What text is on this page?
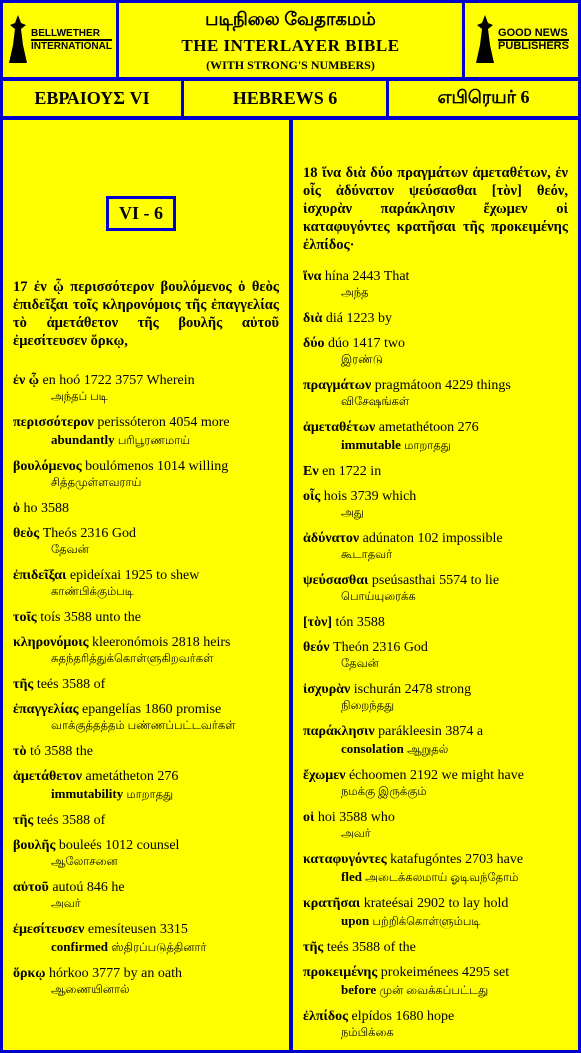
BELLWETHER
INTERNATIONAL
படிநிலை வேதாகமம்
THE INTERLAYER BIBLE
(WITH STRONG'S NUMBERS)
GOOD NEWS
PUBLISHERS
ΕΒΡΑΙΟΥΣ VI	HEBREWS 6	எபிரெயர் 6
VI - 6

17 ἐν ᾧ περισσότερον βουλόμενος ὁ θεὸς ἐπιδεῖξαι τοῖς κληρονόμοις τῆς ἐπαγγελίας τὸ ἀμετάθετον τῆς βουλῆς αὐτοῦ ἐμεσίτευσεν ὅρκῳ,

ἐν ᾧ en hoó 1722 3757 Wherein
அந்தப் படி

περισσότερον perissóteron 4054 more
abundantly பரிபூரணமாய்

βουλόμενος boulómenos 1014 willing
சித்தமுள்ளவராய்

ὁ ho 3588

θεὸς Theós 2316 God
தேவன்

ἐπιδεῖξαι epideíxai 1925 to shew
காண்பிக்கும்படி

τοῖς toís 3588 unto the

κληρονόμοις kleeronómois 2818 heirs
சுதந்தரித்துக்கொள்ளுகிறவர்கள்

τῆς teés 3588 of

ἐπαγγελίας epangelías 1860 promise
வாக்குத்தத்தம் பண்ணப்பட்டவர்கள்

τὸ tó 3588 the

ἀμετάθετον ametátheton 276
immutability மாறாதது

τῆς teés 3588 of

βουλῆς bouleés 1012 counsel
ஆலோசனை

αὐτοῦ autoú 846 he
அவர்

ἐμεσίτευσεν emesíteusen 3315
confirmed ஸ்திரப்படுத்தினார்

ὅρκῳ hórkoo 3777 by an oath
ஆணையினால்

18 ἵνα διὰ δύο πραγμάτων ἀμεταθέτων, ἐν οἷς ἀδύνατον ψεύσασθαι [τὸν] θεόν, ἰσχυρὰν παράκλησιν ἔχωμεν οἱ καταφυγόντες κρατῆσαι τῆς προκειμένης ἐλπίδος·

ἵνα hína 2443 That
அந்த

διὰ diá 1223 by

δύο dúo 1417 two
இரண்டு

πραγμάτων pragmátoon 4229 things
விசேஷங்கள்

ἀμεταθέτων ametathétoon 276
immutable மாறாதது

Εν en 1722 in

οἷς hois 3739 which
அது

ἀδύνατον adúnaton 102 impossible
கூடாதவர்

ψεύσασθαι pseúsasthai 5574 to lie
பொய்யுரைக்க

[τὸν] tón 3588

θεόν Theón 2316 God
தேவன்

ἰσχυρὰν ischurán 2478 strong
நிறைந்தது

παράκλησιν parákleesin 3874 a
consolation ஆறுதல்

ἔχωμεν échoomen 2192 we might have
நமக்கு இருக்கும்

οἱ hoi 3588 who
அவர்

καταφυγόντες katafugóntes 2703 have
fled அடைக்கலமாய் ஓடிவந்தோம்

κρατῆσαι krateésai 2902 to lay hold
upon பற்றிக்கொள்ளும்படி

τῆς teés 3588 of the

προκειμένης prokeiménees 4295 set
before முன் வைக்கப்பட்டது

ἐλπίδος elpídos 1680 hope
நம்பிக்கை
